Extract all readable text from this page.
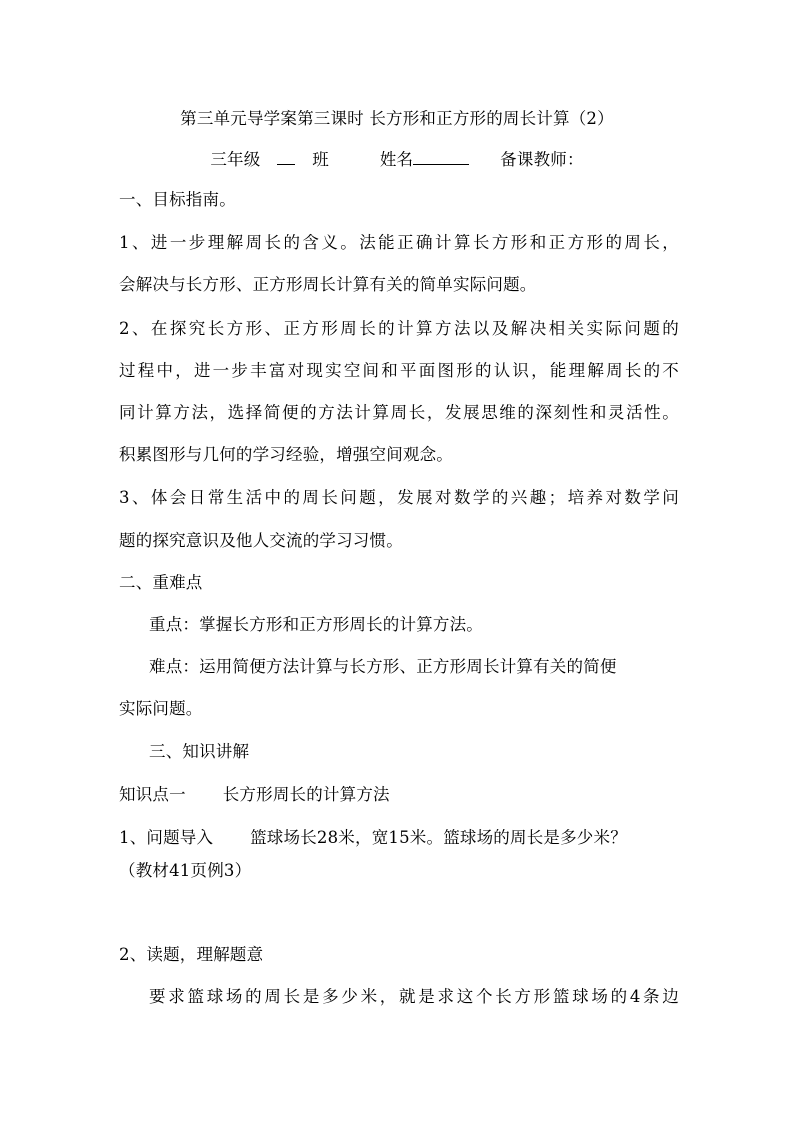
第三单元导学案第三课时 长方形和正方形的周长计算（2）
三年级	班	姓名	备课教师：
一、目标指南。
1、进一步理解周长的含义。法能正确计算长方形和正方形的周长，
会解决与长方形、正方形周长计算有关的简单实际问题。
2、在探究长方形、正方形周长的计算方法以及解决相关实际问题的
过程中，进一步丰富对现实空间和平面图形的认识，能理解周长的不
同计算方法，选择简便的方法计算周长，发展思维的深刻性和灵活性。
积累图形与几何的学习经验，增强空间观念。
3、体会日常生活中的周长问题，发展对数学的兴趣；培养对数学问
题的探究意识及他人交流的学习习惯。
二、重难点
重点：掌握长方形和正方形周长的计算方法。
难点：运用简便方法计算与长方形、正方形周长计算有关的简便
实际问题。
三、知识讲解
知识点一 长方形周长的计算方法
1、问题导入 篮球场长28米，宽15米。篮球场的周长是多少米？
（教材41页例3）
2、读题，理解题意
要求篮球场的周长是多少米，就是求这个长方形篮球场的4条边
